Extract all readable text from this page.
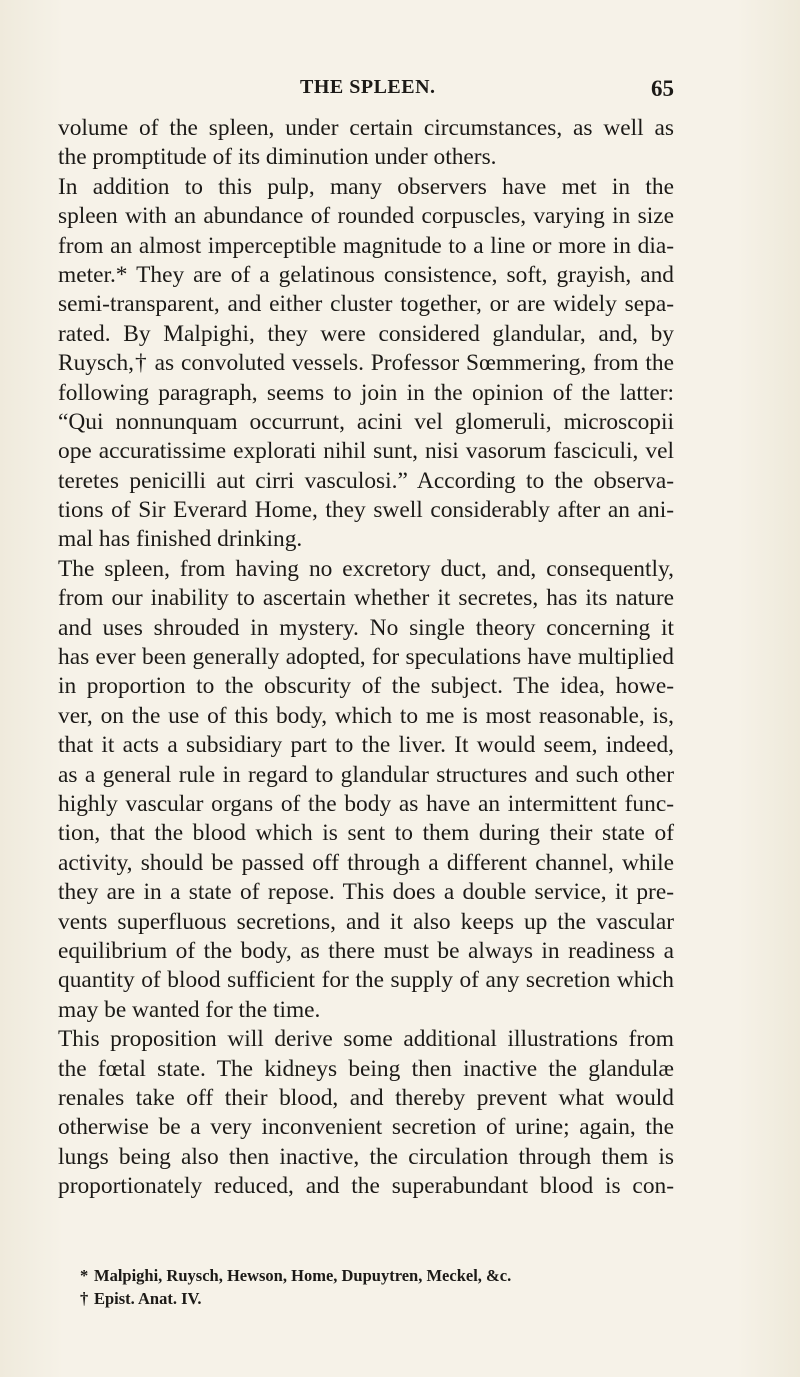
THE SPLEEN.	65
volume of the spleen, under certain circumstances, as well as
the promptitude of its diminution under others.
In addition to this pulp, many observers have met in the
spleen with an abundance of rounded corpuscles, varying in size
from an almost imperceptible magnitude to a line or more in dia-
meter.* They are of a gelatinous consistence, soft, grayish, and
semi-transparent, and either cluster together, or are widely sepa-
rated. By Malpighi, they were considered glandular, and, by
Ruysch,† as convoluted vessels. Professor Sœmmering, from the
following paragraph, seems to join in the opinion of the latter:
“Qui nonnunquam occurrunt, acini vel glomeruli, microscopii
ope accuratissime explorati nihil sunt, nisi vasorum fasciculi, vel
teretes penicilli aut cirri vasculosi.” According to the observa-
tions of Sir Everard Home, they swell considerably after an ani-
mal has finished drinking.
The spleen, from having no excretory duct, and, consequently,
from our inability to ascertain whether it secretes, has its nature
and uses shrouded in mystery. No single theory concerning it
has ever been generally adopted, for speculations have multiplied
in proportion to the obscurity of the subject. The idea, howe-
ver, on the use of this body, which to me is most reasonable, is,
that it acts a subsidiary part to the liver. It would seem, indeed,
as a general rule in regard to glandular structures and such other
highly vascular organs of the body as have an intermittent func-
tion, that the blood which is sent to them during their state of
activity, should be passed off through a different channel, while
they are in a state of repose. This does a double service, it pre-
vents superfluous secretions, and it also keeps up the vascular
equilibrium of the body, as there must be always in readiness a
quantity of blood sufficient for the supply of any secretion which
may be wanted for the time.
This proposition will derive some additional illustrations from
the fœtal state. The kidneys being then inactive the glandulæ
renales take off their blood, and thereby prevent what would
otherwise be a very inconvenient secretion of urine; again, the
lungs being also then inactive, the circulation through them is
proportionately reduced, and the superabundant blood is con-
* Malpighi, Ruysch, Hewson, Home, Dupuytren, Meckel, &c.
† Epist. Anat. IV.
